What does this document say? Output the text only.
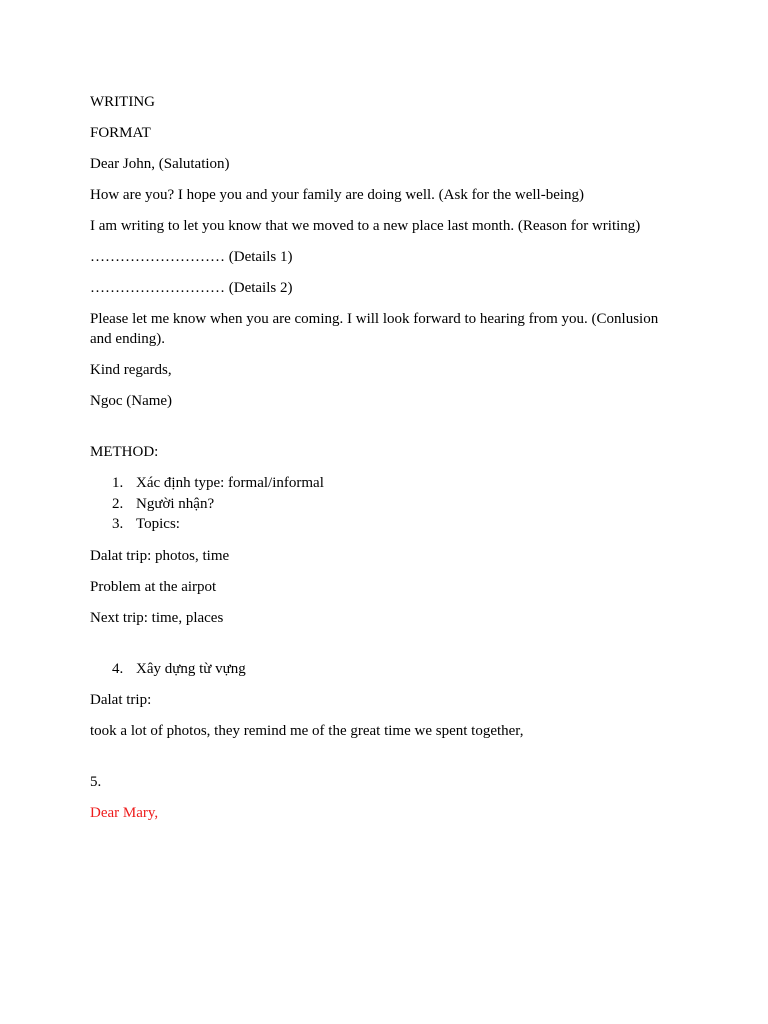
WRITING

FORMAT

Dear John, (Salutation)

How are you? I hope you and your family are doing well. (Ask for the well-being)

I am writing to let you know that we moved to a new place last month. (Reason for writing)

……………………… (Details 1)

……………………… (Details 2)

Please let me know when you are coming. I will look forward to hearing from you. (Conlusion and ending).

Kind regards,

Ngoc (Name)

METHOD:

1. Xác định type: formal/informal
2. Người nhận?
3. Topics:

Dalat trip: photos, time

Problem at the airpot

Next trip: time, places

4. Xây dựng từ vựng

Dalat trip:

took a lot of photos, they remind me of the great time we spent together,

5.

Dear Mary,
